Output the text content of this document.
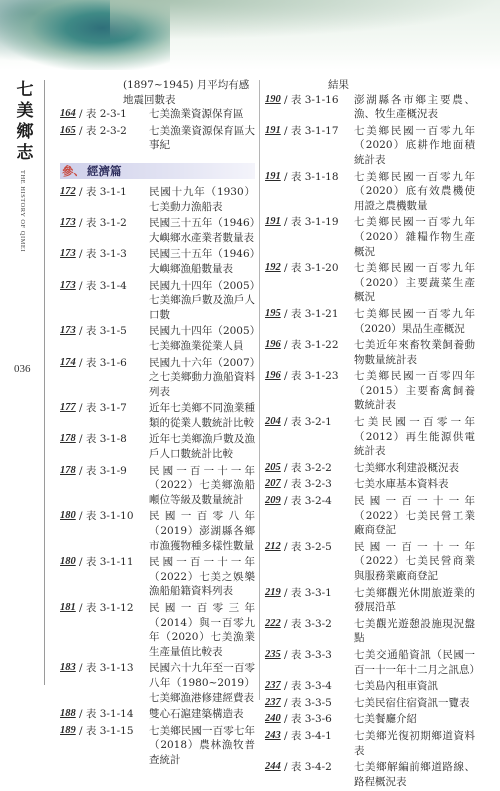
七
美
鄉
志
THE HISTORY OF QIMEI
036
(1897~1945) 月平均有感
地震回數表
164 / 表 2-3-1	七美漁業資源保育區
165 / 表 2-3-2	七美漁業資源保育區大事紀
參、 經濟篇
172 / 表 3-1-1	民國十九年（1930）七美動力漁船表
173 / 表 3-1-2	民國三十五年（1946）大嶼鄉水產業者數量表
173 / 表 3-1-3	民國三十五年（1946）大嶼鄉漁船數量表
173 / 表 3-1-4	民國九十四年（2005）七美鄉漁戶數及漁戶人口數
173 / 表 3-1-5	民國九十四年（2005）七美鄉漁業從業人員
174 / 表 3-1-6	民國九十六年（2007）之七美鄉動力漁船資料列表
177 / 表 3-1-7	近年七美鄉不同漁業種類的從業人數統計比較
178 / 表 3-1-8	近年七美鄉漁戶數及漁戶人口數統計比較
178 / 表 3-1-9	民國一百一十一年（2022）七美鄉漁船噸位等級及數量統計
180 / 表 3-1-10	民國一百零八年（2019）澎湖縣各鄉市漁獲物種多樣性數量
180 / 表 3-1-11	民國一百一十一年（2022）七美之娛樂漁船船籍資料列表
181 / 表 3-1-12	民國一百零三年（2014）與一百零九年（2020）七美漁業生產量值比較表
183 / 表 3-1-13	民國六十九年至一百零八年（1980~2019）七美鄉漁港修建經費表
188 / 表 3-1-14	雙心石滬建築構造表
189 / 表 3-1-15	七美鄉民國一百零七年（2018）農林漁牧普查統計
結果
190 / 表 3-1-16	澎湖縣各市鄉主要農、漁、牧生產概況表
191 / 表 3-1-17	七美鄉民國一百零九年（2020）底耕作地面積統計表
191 / 表 3-1-18	七美鄉民國一百零九年（2020）底有效農機使用證之農機數量
191 / 表 3-1-19	七美鄉民國一百零九年（2020）雜糧作物生產概況
192 / 表 3-1-20	七美鄉民國一百零九年（2020）主要蔬菜生產概況
195 / 表 3-1-21	七美鄉民國一百零九年（2020）果品生產概況
196 / 表 3-1-22	七美近年來畜牧業飼養動物數量統計表
196 / 表 3-1-23	七美鄉民國一百零四年（2015）主要畜禽飼養數統計表
204 / 表 3-2-1	七美民國一百零一年（2012）再生能源供電統計表
205 / 表 3-2-2	七美鄉水利建設概況表
207 / 表 3-2-3	七美水庫基本資料表
209 / 表 3-2-4	民國一百一十一年（2022）七美民營工業廠商登記
212 / 表 3-2-5	民國一百一十一年（2022）七美民營商業與服務業廠商登記
219 / 表 3-3-1	七美鄉觀光休閒旅遊業的發展沿革
222 / 表 3-3-2	七美觀光遊憩設施現況盤點
235 / 表 3-3-3	七美交通船資訊（民國一百一十一年十二月之訊息）
237 / 表 3-3-4	七美島內租車資訊
237 / 表 3-3-5	七美民宿住宿資訊一覽表
240 / 表 3-3-6	七美餐廳介紹
243 / 表 3-4-1	七美鄉光復初期鄉道資料表
244 / 表 3-4-2	七美鄉解編前鄉道路線、路程概況表
